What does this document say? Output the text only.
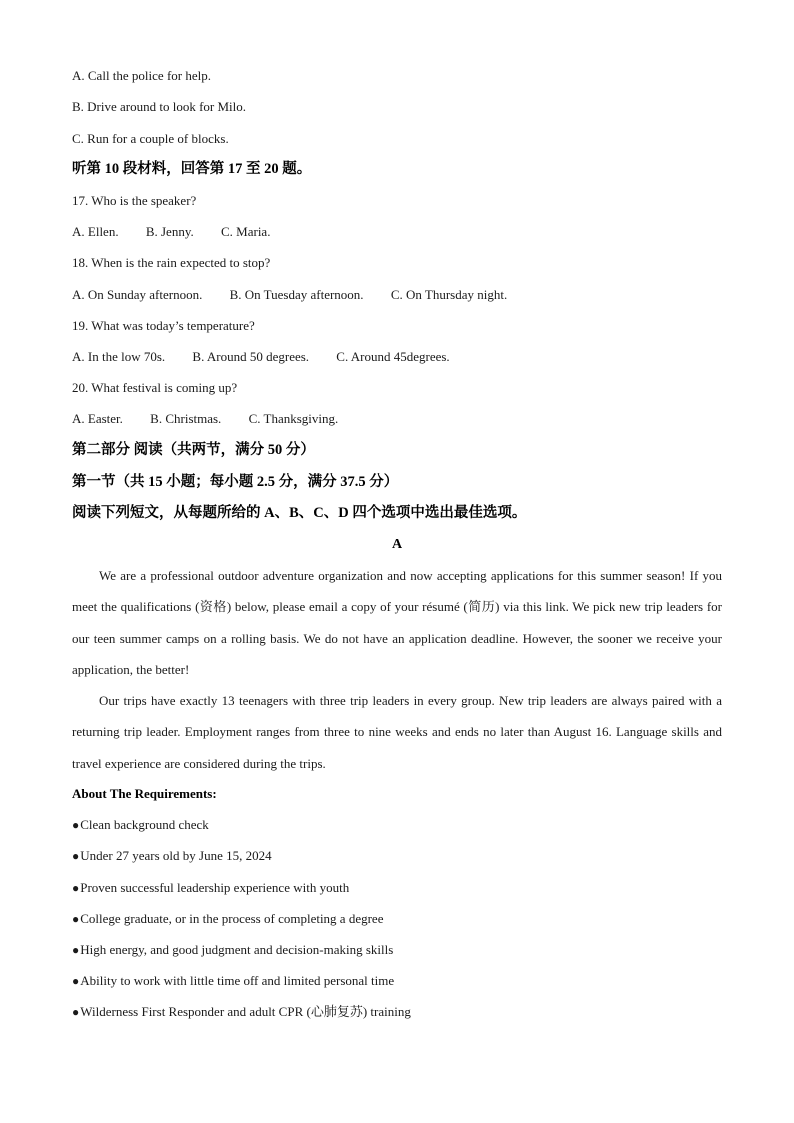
A. Call the police for help.
B. Drive around to look for Milo.
C. Run for a couple of blocks.
听第 10 段材料，回答第 17 至 20 题。
17. Who is the speaker?
A. Ellen. B. Jenny. C. Maria.
18. When is the rain expected to stop?
A. On Sunday afternoon. B. On Tuesday afternoon. C. On Thursday night.
19. What was today’s temperature?
A. In the low 70s. B. Around 50 degrees. C. Around 45degrees.
20. What festival is coming up?
A. Easter. B. Christmas. C. Thanksgiving.
第二部分 阅读（共两节，满分 50 分）
第一节（共 15 小题；每小题 2.5 分，满分 37.5 分）
阅读下列短文，从每题所给的 A、B、C、D 四个选项中选出最佳选项。
A

We are a professional outdoor adventure organization and now accepting applications for this summer season! If you meet the qualifications (资格) below, please email a copy of your résumé (简历) via this link. We pick new trip leaders for our teen summer camps on a rolling basis. We do not have an application deadline. However, the sooner we receive your application, the better!

Our trips have exactly 13 teenagers with three trip leaders in every group. New trip leaders are always paired with a returning trip leader. Employment ranges from three to nine weeks and ends no later than August 16. Language skills and travel experience are considered during the trips.

About The Requirements:
●Clean background check
●Under 27 years old by June 15, 2024
●Proven successful leadership experience with youth
●College graduate, or in the process of completing a degree
●High energy, and good judgment and decision-making skills
●Ability to work with little time off and limited personal time
●Wilderness First Responder and adult CPR (心肺复苏) training
